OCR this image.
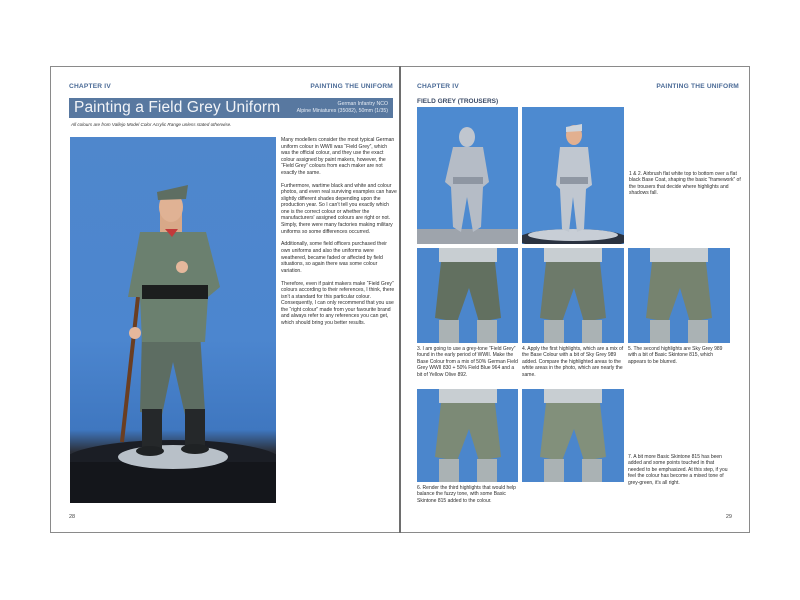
CHAPTER IV	PAINTING THE UNIFORM
Painting a Field Grey Uniform	German Infantry NCO
Alpine Miniatures (35082), 50mm (1/35)
All colours are from Vallejo Model Color Acrylic Range unless stated otherwise.

Many modellers consider the most typical German uniform colour in WWII was “Field Grey”, which was the official colour, and they use the exact colour assigned by paint makers, however, the “Field Grey” colours from each maker are not exactly the same.

Furthermore, wartime black and white and colour photos, and even real surviving examples can have slightly different shades depending upon the production year. So I can't tell you exactly which one is the correct colour or whether the manufacturers' assigned colours are right or not. Simply, there were many factories making military uniforms so some differences occurred.

Additionally, some field officers purchased their own uniforms and also the uniforms were weathered, became faded or affected by field situations, so again there was some colour variation.

Therefore, even if paint makers make “Field Grey” colours according to their references, I think, there isn't a standard for this particular colour. Consequently, I can only recommend that you use the “right colour” made from your favourite brand and always refer to any references you can get, which should bring you better results.

28
CHAPTER IV	PAINTING THE UNIFORM
FIELD GREY (TROUSERS)
1 & 2. Airbrush flat white top to bottom over a flat black Base Coat, shaping the basic “framework” of the trousers that decide where highlights and shadows fall.
3. I am going to use a grey-tone “Field Grey” found in the early period of WWII. Make the Base Colour from a mix of 50% German Field Grey WWII 830 + 50% Field Blue 964 and a bit of Yellow Olive 892.
4. Apply the first highlights, which are a mix of the Base Colour with a bit of Sky Grey 989 added. Compare the highlighted areas to the white areas in the photo, which are nearly the same.
5. The second highlights are Sky Grey 989 with a bit of Basic Skintone 815, which appears to be blurred.
6. Render the third highlights that would help balance the fuzzy tone, with some Basic Skintone 815 added to the colour.
7. A bit more Basic Skintone 815 has been added and some points touched in that needed to be emphasized. At this step, if you feel the colour has become a mixed tone of grey-green, it's all right.
29
